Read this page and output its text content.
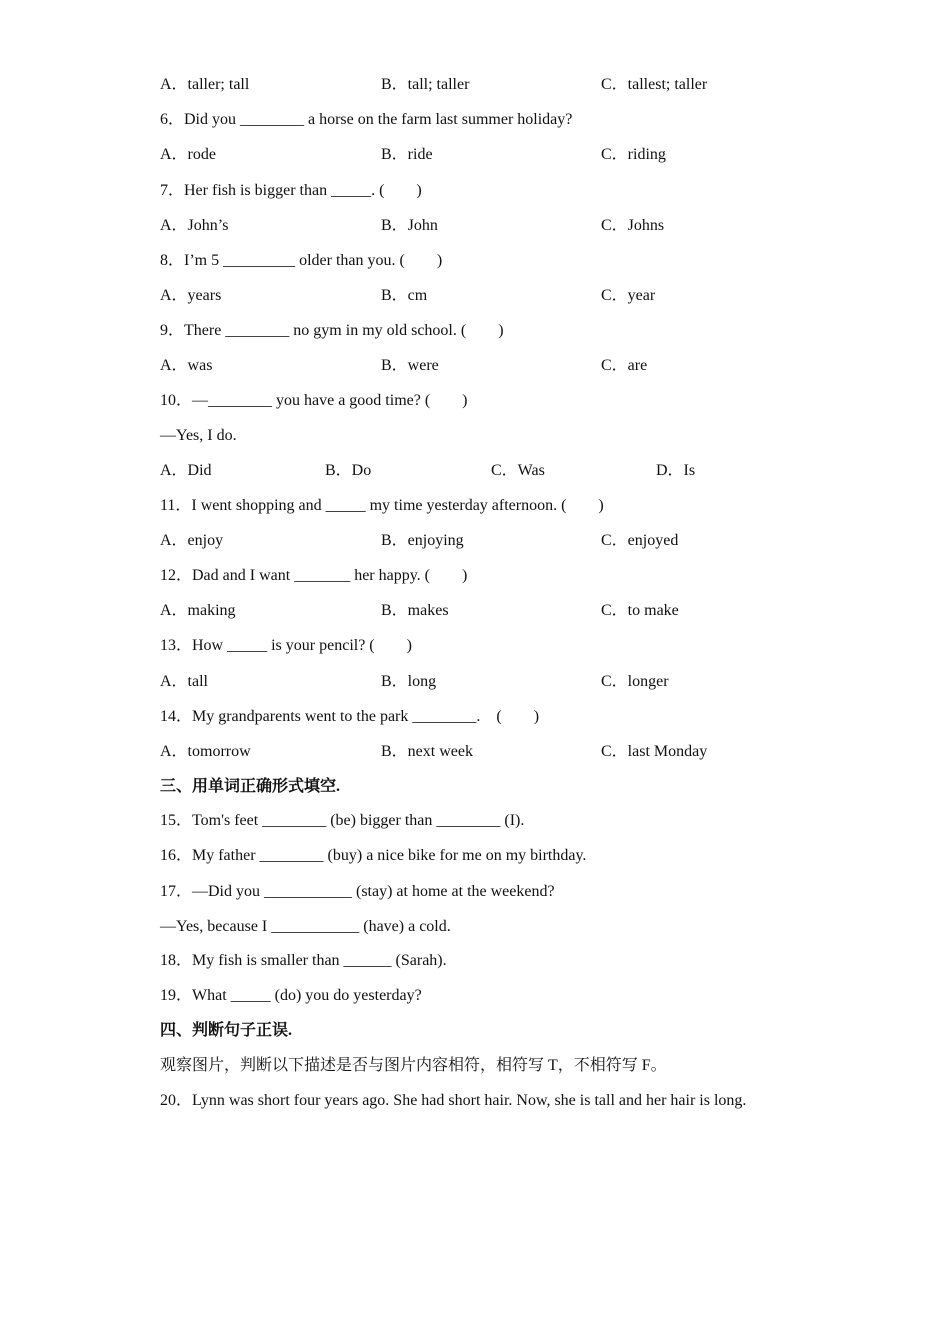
A．taller; tall	B．tall; taller	C．tallest; taller
6．Did you ________ a horse on the farm last summer holiday?
A．rode	B．ride	C．riding
7．Her fish is bigger than _____. (　　)
A．John’s	B．John	C．Johns
8．I’m 5 _________ older than you. (　　)
A．years	B．cm	C．year
9．There ________ no gym in my old school. (　　)
A．was	B．were	C．are
10．—________ you have a good time? (　　)
—Yes, I do.
A．Did	B．Do	C．Was	D．Is
11．I went shopping and _____ my time yesterday afternoon. (　　)
A．enjoy	B．enjoying	C．enjoyed
12．Dad and I want _______ her happy. (　　)
A．making	B．makes	C．to make
13．How _____ is your pencil? (　　)
A．tall	B．long	C．longer
14．My grandparents went to the park ________.　(　　)
A．tomorrow	B．next week	C．last Monday
三、用单词正确形式填空.
15．Tom's feet ________ (be) bigger than ________ (I).
16．My father ________ (buy) a nice bike for me on my birthday.
17．—Did you ___________ (stay) at home at the weekend?
—Yes, because I ___________ (have) a cold.
18．My fish is smaller than ______ (Sarah).
19．What _____ (do) you do yesterday?
四、判断句子正误.
观察图片，判断以下描述是否与图片内容相符，相符写 T，不相符写 F。
20．Lynn was short four years ago. She had short hair. Now, she is tall and her hair is long.
